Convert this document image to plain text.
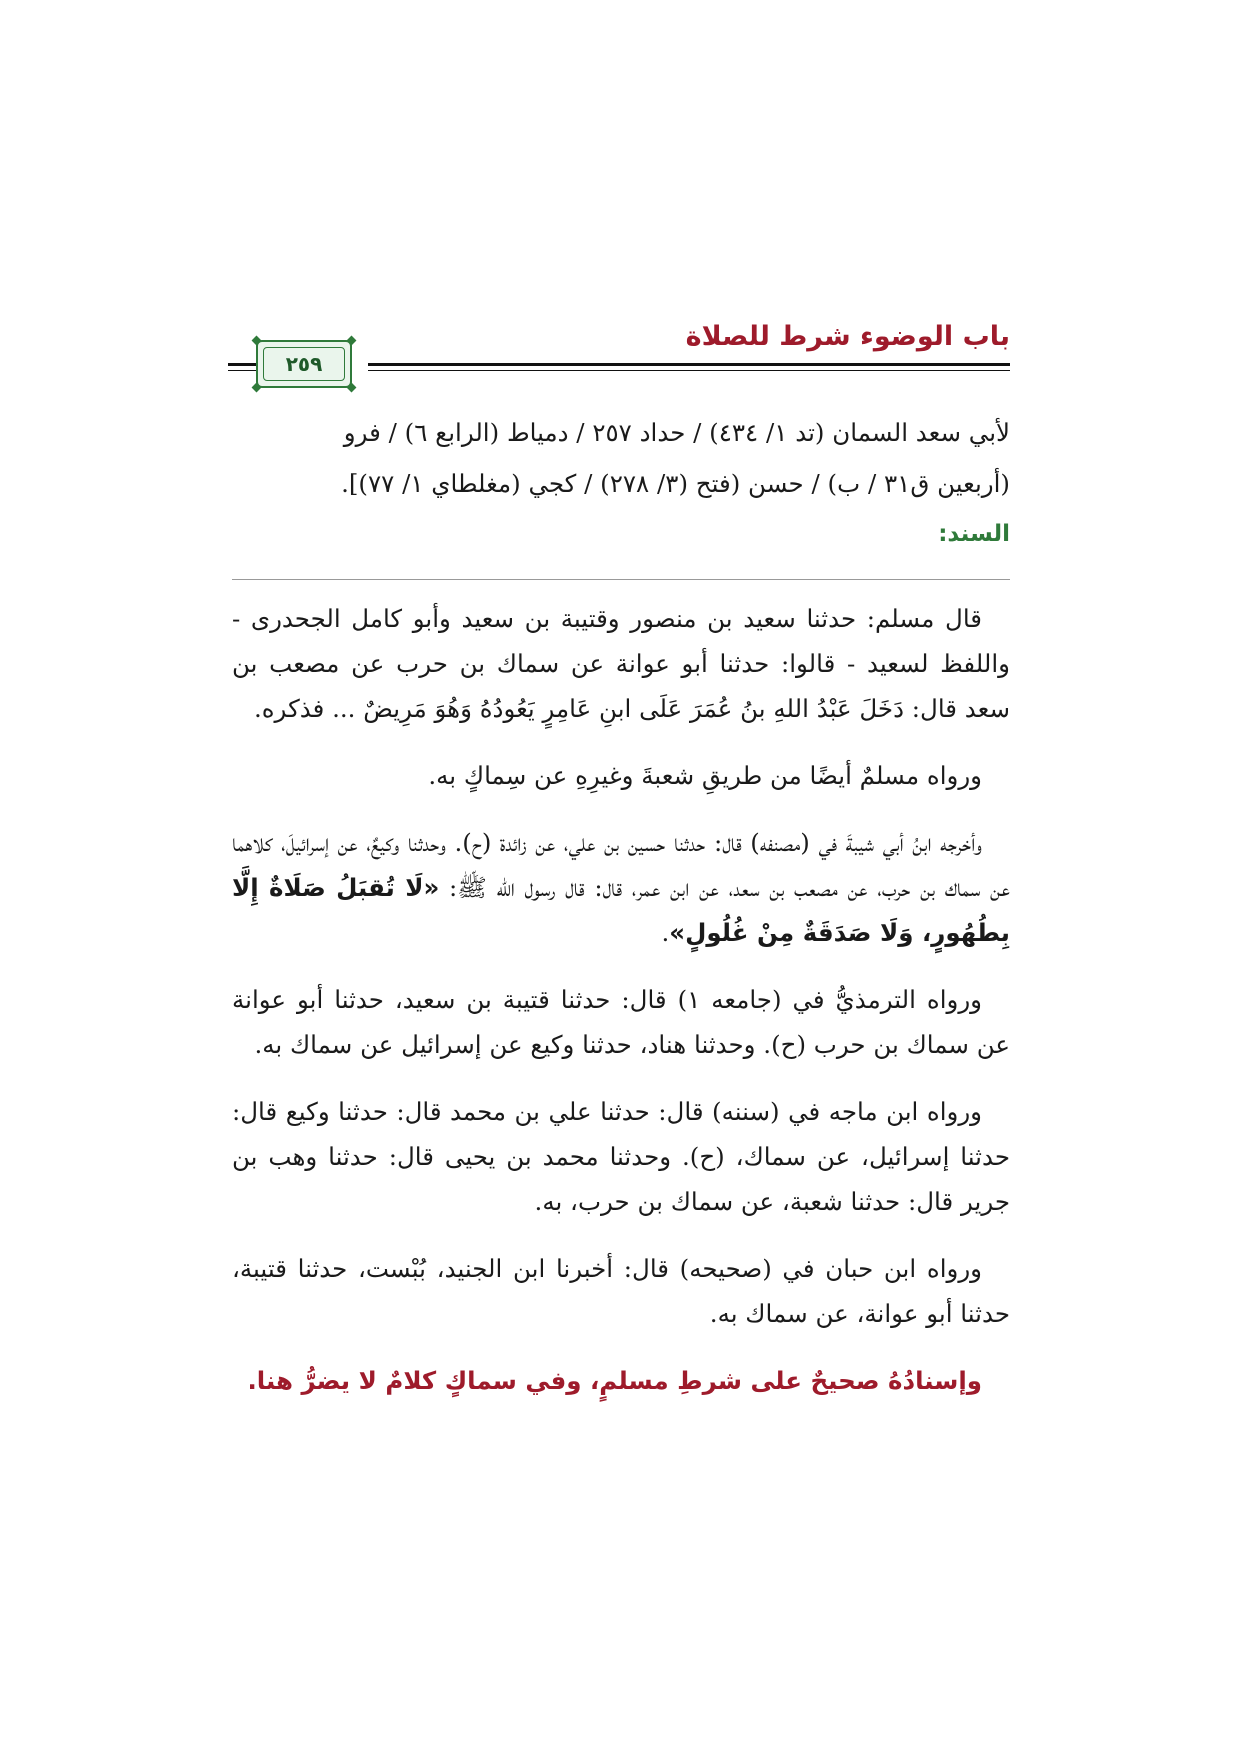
باب الوضوء شرط للصلاة
٢٥٩

لأبي سعد السمان (تد ١/ ٤٣٤) / حداد ٢٥٧ / دمياط (الرابع ٦) / فرو

(أربعين ق٣١ / ب) / حسن (فتح (٣/ ٢٧٨) / كجي (مغلطاي ١/ ٧٧)].

السند:

قال مسلم: حدثنا سعيد بن منصور وقتيبة بن سعيد وأبو كامل الجحدرى - واللفظ لسعيد - قالوا: حدثنا أبو عوانة عن سماك بن حرب عن مصعب بن سعد قال: دَخَلَ عَبْدُ اللهِ بنُ عُمَرَ عَلَى ابنِ عَامِرٍ يَعُودُهُ وَهُوَ مَرِيضٌ ... فذكره.

ورواه مسلمٌ أيضًا من طريقِ شعبةَ وغيرِهِ عن سِماكٍ به.

وأخرجه ابنُ أبي شيبةَ في (مصنفه) قال: حدثنا حسين بن علي، عن زائدة (ح). وحدثنا وكيعٌ، عن إسرائيلَ، كلاهما عن سماك بن حرب، عن مصعب بن سعد، عن ابن عمر، قال: قال رسول الله ﷺ: «لَا تُقبَلُ صَلَاةٌ إِلَّا بِطُهُورٍ، وَلَا صَدَقَةٌ مِنْ غُلُولٍ».

ورواه الترمذيُّ في (جامعه ١) قال: حدثنا قتيبة بن سعيد، حدثنا أبو عوانة عن سماك بن حرب (ح). وحدثنا هناد، حدثنا وكيع عن إسرائيل عن سماك به.

ورواه ابن ماجه في (سننه) قال: حدثنا علي بن محمد قال: حدثنا وكيع قال: حدثنا إسرائيل، عن سماك، (ح). وحدثنا محمد بن يحيى قال: حدثنا وهب بن جرير قال: حدثنا شعبة، عن سماك بن حرب، به.

ورواه ابن حبان في (صحيحه) قال: أخبرنا ابن الجنيد، بُبْست، حدثنا قتيبة، حدثنا أبو عوانة، عن سماك به.

وإسنادُهُ صحيحٌ على شرطِ مسلمٍ، وفي سماكٍ كلامٌ لا يضرُّ هنا.
